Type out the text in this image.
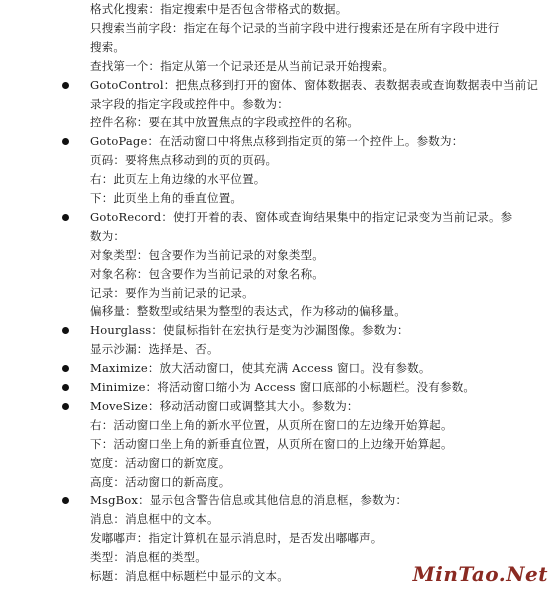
格式化搜索：指定搜索中是否包含带格式的数据。
只搜索当前字段：指定在每个记录的当前字段中进行搜索还是在所有字段中进行
搜索。
查找第一个：指定从第一个记录还是从当前记录开始搜索。
GotoControl：把焦点移到打开的窗体、窗体数据表、表数据表或查询数据表中当前记
录字段的指定字段或控件中。参数为：
控件名称：要在其中放置焦点的字段或控件的名称。
GotoPage：在活动窗口中将焦点移到指定页的第一个控件上。参数为：
页码：要将焦点移动到的页的页码。
右：此页左上角边缘的水平位置。
下：此页坐上角的垂直位置。
GotoRecord：使打开着的表、窗体或查询结果集中的指定记录变为当前记录。参
数为：
对象类型：包含要作为当前记录的对象类型。
对象名称：包含要作为当前记录的对象名称。
记录：要作为当前记录的记录。
偏移量：整数型或结果为整型的表达式，作为移动的偏移量。
Hourglass：使鼠标指针在宏执行是变为沙漏图像。参数为：
显示沙漏：选择是、否。
Maximize：放大活动窗口，使其充满 Access 窗口。没有参数。
Minimize：将活动窗口缩小为 Access 窗口底部的小标题栏。没有参数。
MoveSize：移动活动窗口或调整其大小。参数为：
右：活动窗口坐上角的新水平位置，从页所在窗口的左边缘开始算起。
下：活动窗口坐上角的新垂直位置，从页所在窗口的上边缘开始算起。
宽度：活动窗口的新宽度。
高度：活动窗口的新高度。
MsgBox：显示包含警告信息或其他信息的消息框，参数为：
消息：消息框中的文本。
发嘟嘟声：指定计算机在显示消息时，是否发出嘟嘟声。
类型：消息框的类型。
标题：消息框中标题栏中显示的文本。	MinTao.Net
